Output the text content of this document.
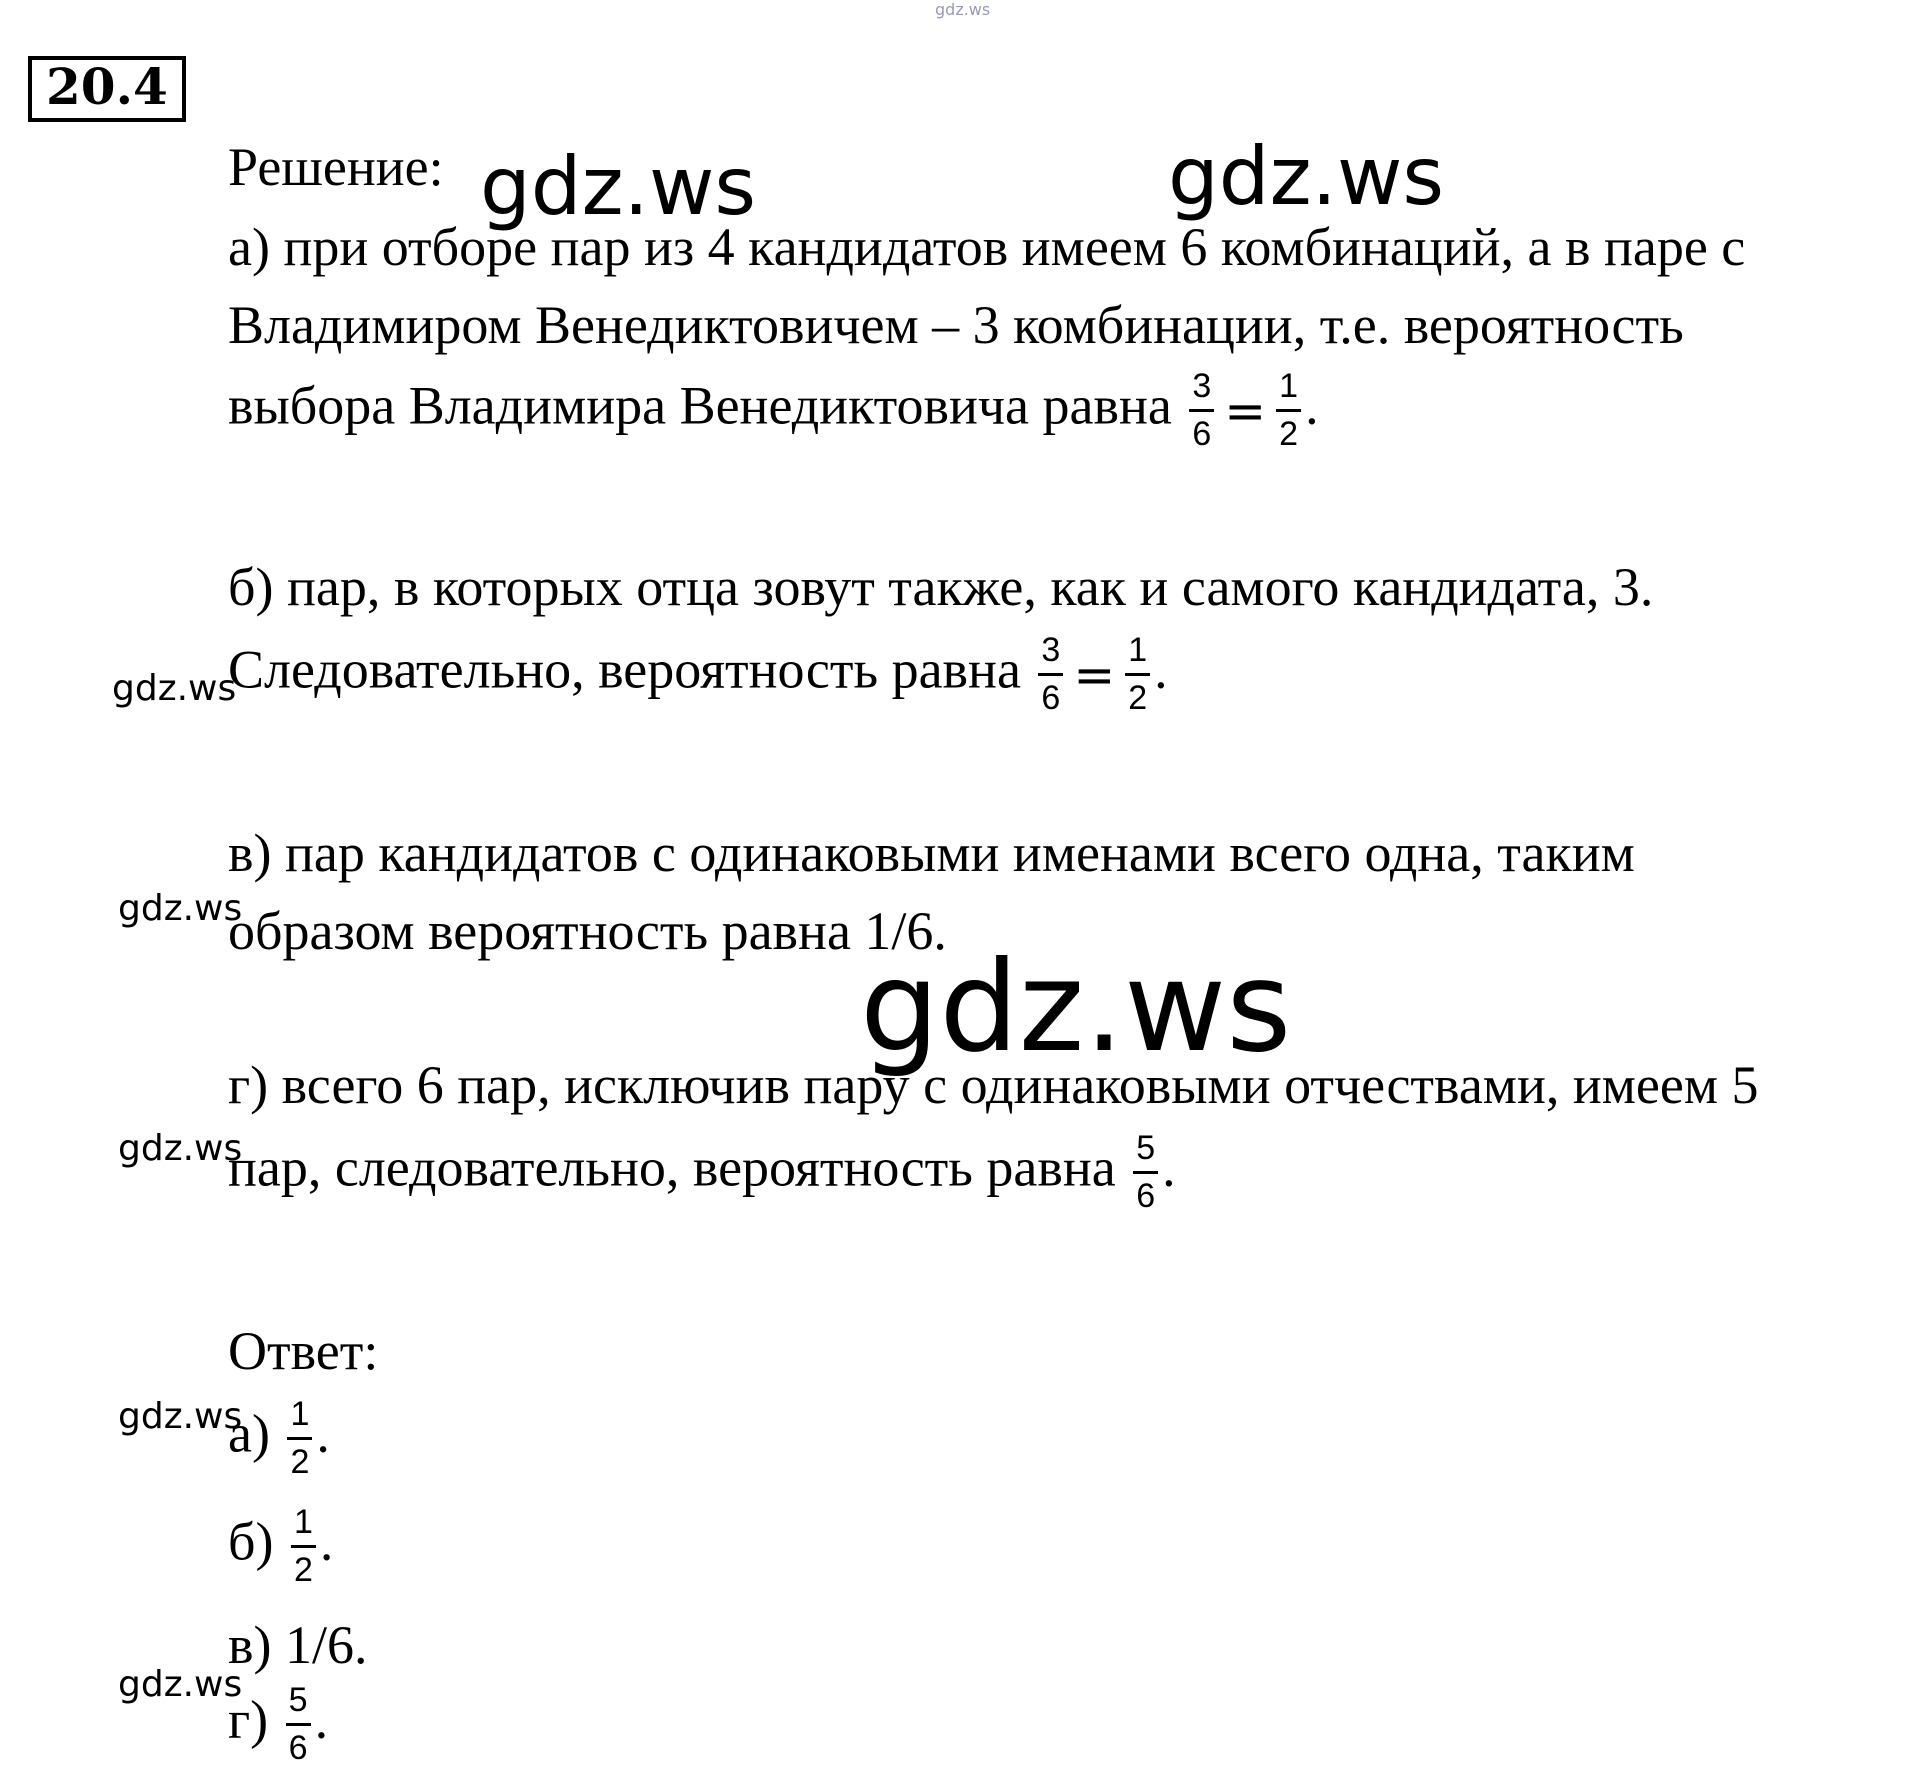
gdz.ws
gdz.ws	gdz.ws
gdz.ws
gdz.ws
gdz.ws
gdz.ws
gdz.ws
gdz.ws
20.4
Решение:
а) при отборе пар из 4 кандидатов имеем 6 комбинаций, а в паре с
Владимиром Венедиктовичем – 3 комбинации, т.е. вероятность
выбора Владимира Венедиктовича равна $\frac{3}{6} = \frac{1}{2}$ .
б) пар, в которых отца зовут также, как и самого кандидата, 3.
Следовательно, вероятность равна $\frac{3}{6} = \frac{1}{2}$ .
в) пар кандидатов с одинаковыми именами всего одна, таким
образом вероятность равна 1/6.
г) всего 6 пар, исключив пару с одинаковыми отчествами, имеем 5
пар, следовательно, вероятность равна $\frac{5}{6}$ .
Ответ:
$а) \frac{1}{2}$ .
$б) \frac{1}{2}$ .
в) 1/6.
$г) \frac{5}{6}$ .
